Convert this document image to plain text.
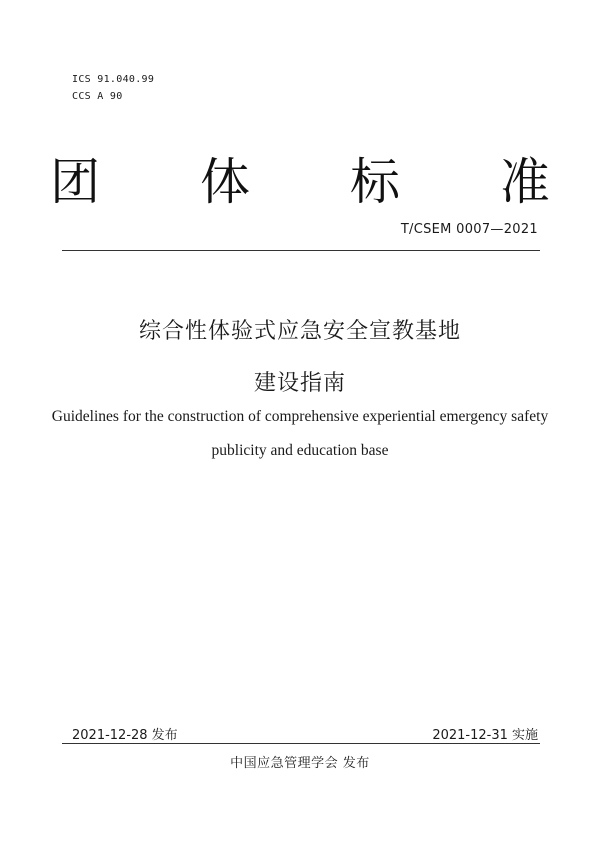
ICS 91.040.99
CCS A 90
团 体 标 准
T/CSEM 0007—2021
综合性体验式应急安全宣教基地
建设指南
Guidelines for the construction of comprehensive experiential emergency safety
publicity and education base
2021-12-28 发布	2021-12-31 实施
中国应急管理学会 发布
